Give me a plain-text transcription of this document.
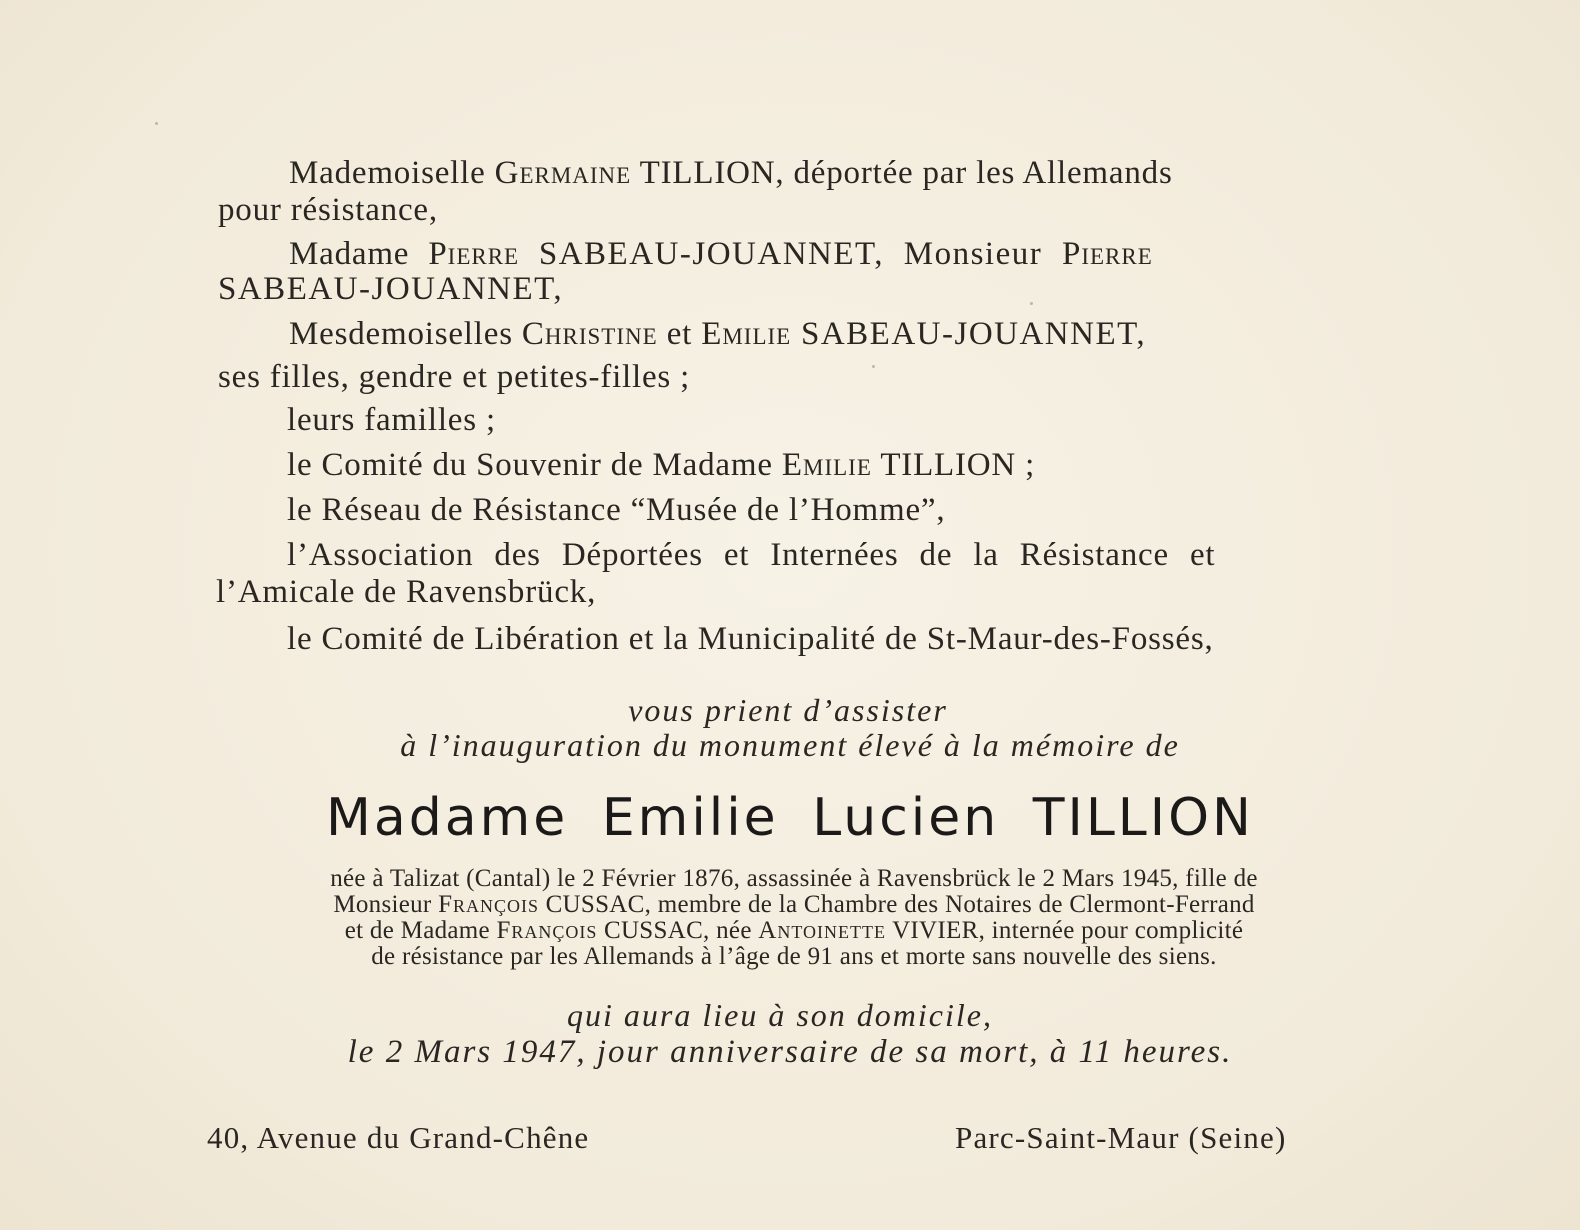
Mademoiselle Germaine TILLION, déportée par les Allemands
pour résistance,
Madame Pierre SABEAU-JOUANNET, Monsieur Pierre
SABEAU-JOUANNET,
Mesdemoiselles Christine et Emilie SABEAU-JOUANNET,
ses filles, gendre et petites-filles ;
leurs familles ;
le Comité du Souvenir de Madame Emilie TILLION ;
le Réseau de Résistance “Musée de l’Homme”,
l’Association des Déportées et Internées de la Résistance et
l’Amicale de Ravensbrück,
le Comité de Libération et la Municipalité de St-Maur-des-Fossés,
vous prient d’assister
à l’inauguration du monument élevé à la mémoire de
Madame Emilie Lucien TILLION
née à Talizat (Cantal) le 2 Février 1876, assassinée à Ravensbrück le 2 Mars 1945, fille de
Monsieur François CUSSAC, membre de la Chambre des Notaires de Clermont-Ferrand
et de Madame François CUSSAC, née Antoinette VIVIER, internée pour complicité
de résistance par les Allemands à l’âge de 91 ans et morte sans nouvelle des siens.
qui aura lieu à son domicile,
le 2 Mars 1947, jour anniversaire de sa mort, à 11 heures.
40, Avenue du Grand-Chêne	Parc-Saint-Maur (Seine)
